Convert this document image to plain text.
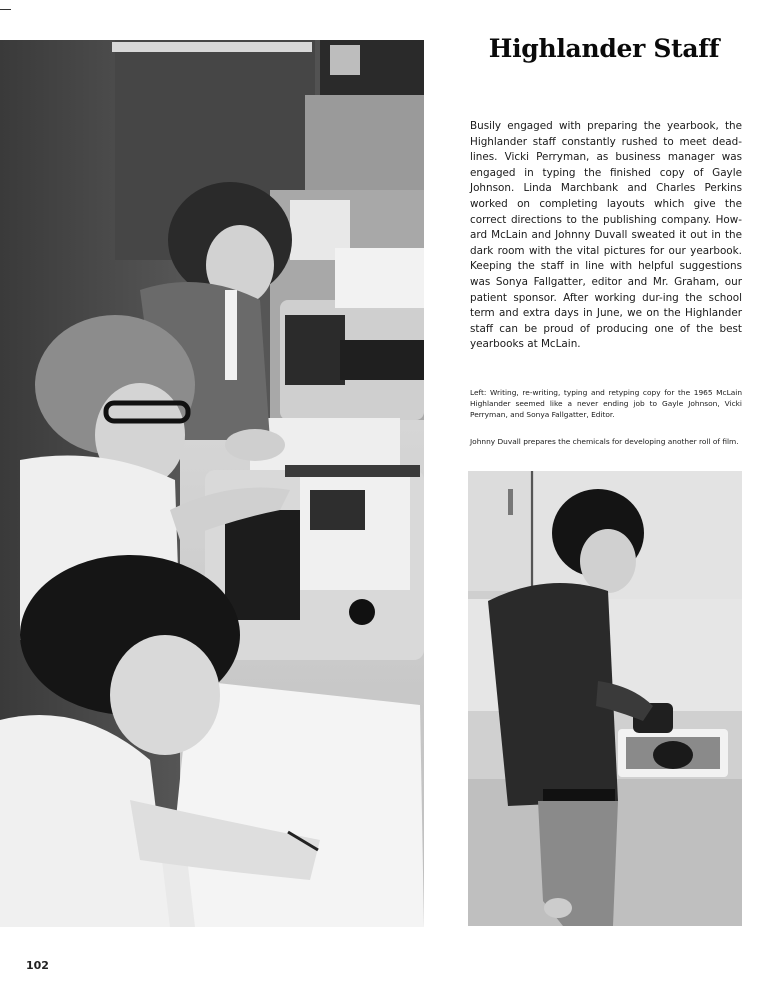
Highlander Staff

Busily engaged with preparing the yearbook, the Highlander staff constantly rushed to meet dead-lines. Vicki Perryman, as business manager was engaged in typing the finished copy of Gayle Johnson. Linda Marchbank and Charles Perkins worked on completing layouts which give the correct directions to the publishing company. How-ard McLain and Johnny Duvall sweated it out in the dark room with the vital pictures for our yearbook. Keeping the staff in line with helpful suggestions was Sonya Fallgatter, editor and Mr. Graham, our patient sponsor. After working dur-ing the school term and extra days in June, we on the Highlander staff can be proud of producing one of the best yearbooks at McLain.

Left: Writing, re-writing, typing and retyping copy for the 1965 McLain Highlander seemed like a never ending job to Gayle Johnson, Vicki Perryman, and Sonya Fallgatter, Editor.

Johnny Duvall prepares the chemicals for developing another roll of film.

102
